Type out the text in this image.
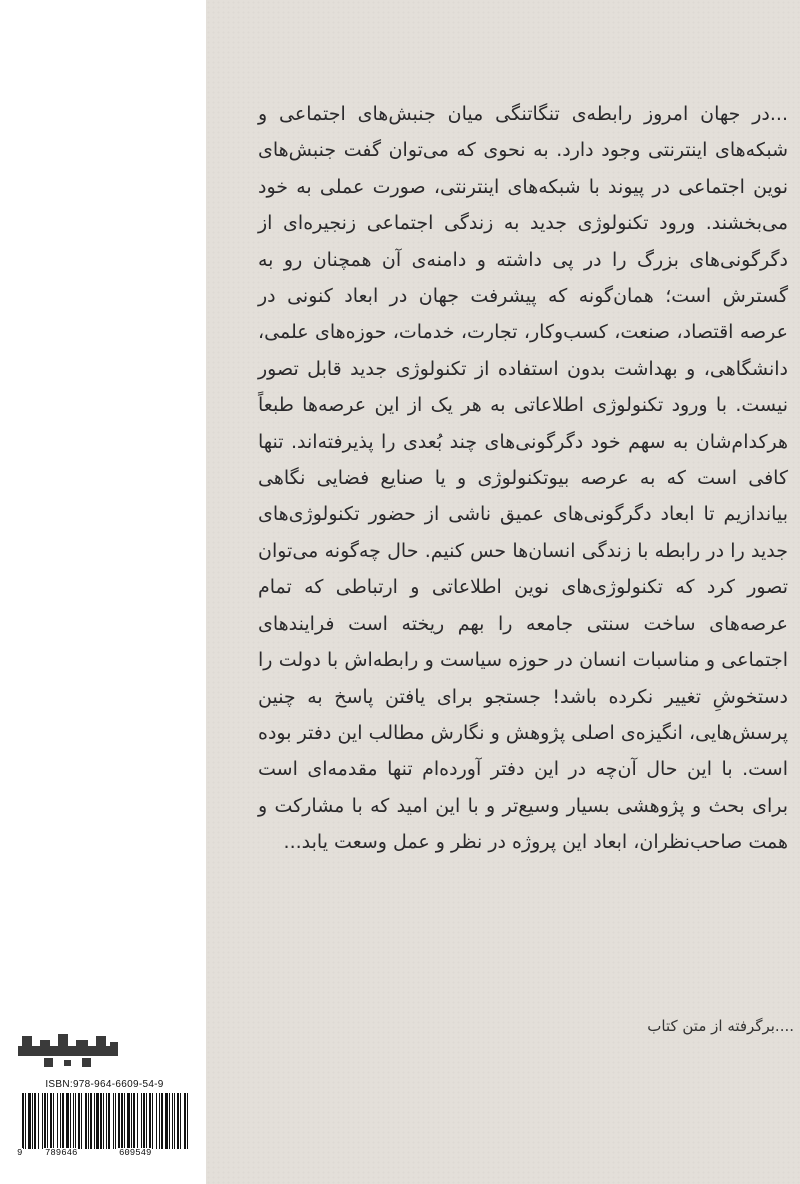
...در جهان امروز رابطه‌ی تنگاتنگی میان جنبش‌های اجتماعی و شبکه‌های اینترنتی وجود دارد. به نحوی که می‌توان گفت جنبش‌های نوین اجتماعی در پیوند با شبکه‌های اینترنتی، صورت عملی به خود می‌بخشند. ورود تکنولوژی جدید به زندگی اجتماعی زنجیره‌ای از دگرگونی‌های بزرگ را در پی داشته و دامنه‌ی آن همچنان رو به گسترش است؛ همان‌گونه که پیشرفت جهان در ابعاد کنونی در عرصه اقتصاد، صنعت، کسب‌وکار، تجارت، خدمات، حوزه‌های علمی، دانشگاهی، و بهداشت بدون استفاده از تکنولوژی جدید قابل تصور نیست. با ورود تکنولوژی اطلاعاتی به هر یک از این عرصه‌ها طبعاً هرکدام‌شان به سهم خود دگرگونی‌های چند بُعدی را پذیرفته‌اند. تنها کافی است که به عرصه بیوتکنولوژی و یا صنایع فضایی نگاهی بیاندازیم تا ابعاد دگرگونی‌های عمیق ناشی از حضور تکنولوژی‌های جدید را در رابطه با زندگی انسان‌ها حس کنیم. حال چه‌گونه می‌توان تصور کرد که تکنولوژی‌های نوین اطلاعاتی و ارتباطی که تمام عرصه‌های ساخت سنتی جامعه را بهم ریخته است فرایندهای اجتماعی و مناسبات انسان در حوزه سیاست و رابطه‌اش با دولت را دستخوشِ تغییر نکرده باشد! جستجو برای یافتن پاسخ به چنین پرسش‌هایی، انگیزه‌ی اصلی پژوهش و نگارش مطالب این دفتر بوده است. با این حال آن‌چه در این دفتر آورده‌ام تنها مقدمه‌ای است برای بحث و پژوهشی بسیار وسیع‌تر و با این امید که با مشارکت و همت صاحب‌نظران، ابعاد این پروژه در نظر و عمل وسعت یابد...

....برگرفته از متن کتاب
ISBN:978-964-6609-54-9
9	789646	609549
